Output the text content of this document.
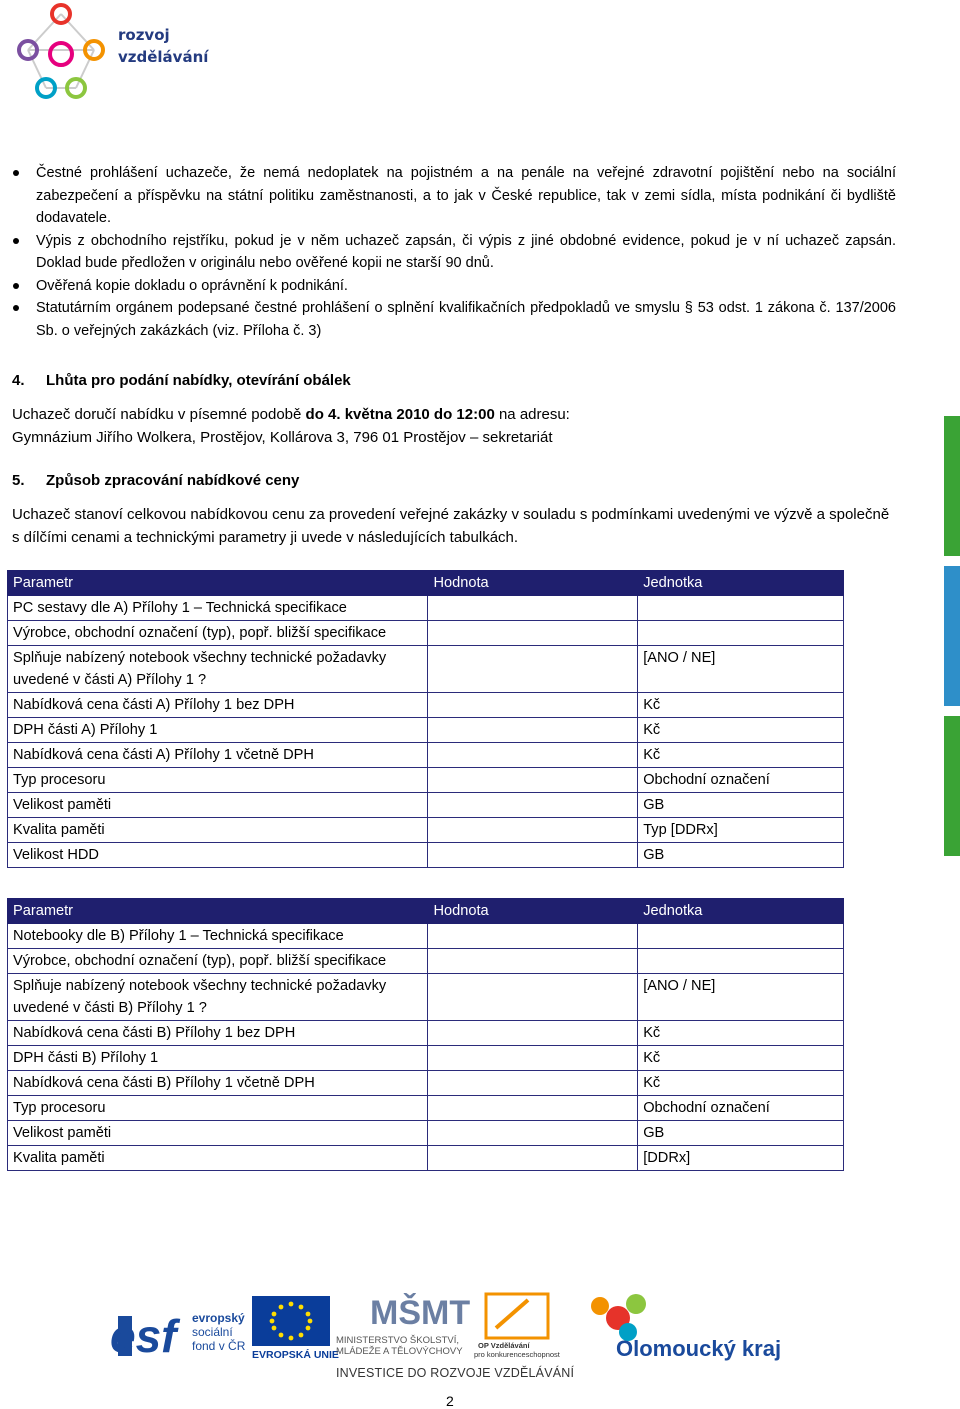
rozvoj
vzdělávání
Čestné prohlášení uchazeče, že nemá nedoplatek na pojistném a na penále na veřejné zdravotní pojištění nebo na sociální zabezpečení a příspěvku na státní politiku zaměstnanosti, a to jak v České republice, tak v zemi sídla, místa podnikání či bydliště dodavatele.
Výpis z obchodního rejstříku, pokud je v něm uchazeč zapsán, či výpis z jiné obdobné evidence, pokud je v ní uchazeč zapsán. Doklad bude předložen v originálu nebo ověřené kopii ne starší 90 dnů.
Ověřená kopie dokladu o oprávnění k podnikání.
Statutárním orgánem podepsané čestné prohlášení o splnění kvalifikačních předpokladů ve smyslu § 53 odst. 1 zákona č. 137/2006 Sb. o veřejných zakázkách (viz. Příloha č. 3)
4. Lhůta pro podání nabídky, otevírání obálek
Uchazeč doručí nabídku v písemné podobě do 4. května 2010 do 12:00 na adresu:
Gymnázium Jiřího Wolkera, Prostějov, Kollárova 3, 796 01 Prostějov – sekretariát
5. Způsob zpracování nabídkové ceny
Uchazeč stanoví celkovou nabídkovou cenu za provedení veřejné zakázky v souladu s podmínkami uvedenými ve výzvě a společně s dílčími cenami a technickými parametry ji uvede v následujících tabulkách.
Parametr	Hodnota	Jednotka
PC sestavy dle A) Přílohy 1 – Technická specifikace		
Výrobce, obchodní označení (typ), popř. bližší specifikace		
Splňuje nabízený notebook všechny technické požadavky uvedené v části A) Přílohy 1 ?		[ANO / NE]
Nabídková cena části A) Přílohy 1 bez DPH		Kč
DPH části A) Přílohy 1		Kč
Nabídková cena části A) Přílohy 1 včetně DPH		Kč
Typ procesoru		Obchodní označení
Velikost paměti		GB
Kvalita paměti		Typ [DDRx]
Velikost HDD		GB
Parametr	Hodnota	Jednotka
Notebooky dle B) Přílohy 1 – Technická specifikace		
Výrobce, obchodní označení (typ), popř. bližší specifikace		
Splňuje nabízený notebook všechny technické požadavky uvedené v části B) Přílohy 1 ?		[ANO / NE]
Nabídková cena části B) Přílohy 1 bez DPH		Kč
DPH části B) Přílohy 1		Kč
Nabídková cena části B) Přílohy 1 včetně DPH		Kč
Typ procesoru		Obchodní označení
Velikost paměti		GB
Kvalita paměti		[DDRx]
esf	evropský
sociální
fond v ČR
EVROPSKÁ UNIE
MŠMT
MINISTERSTVO ŠKOLSTVÍ,
MLÁDEŽE A TĚLOVÝCHOVY
OP Vzdělávání
pro konkurenceschopnost	Olomoucký kraj
INVESTICE DO ROZVOJE VZDĚLÁVÁNÍ
2
